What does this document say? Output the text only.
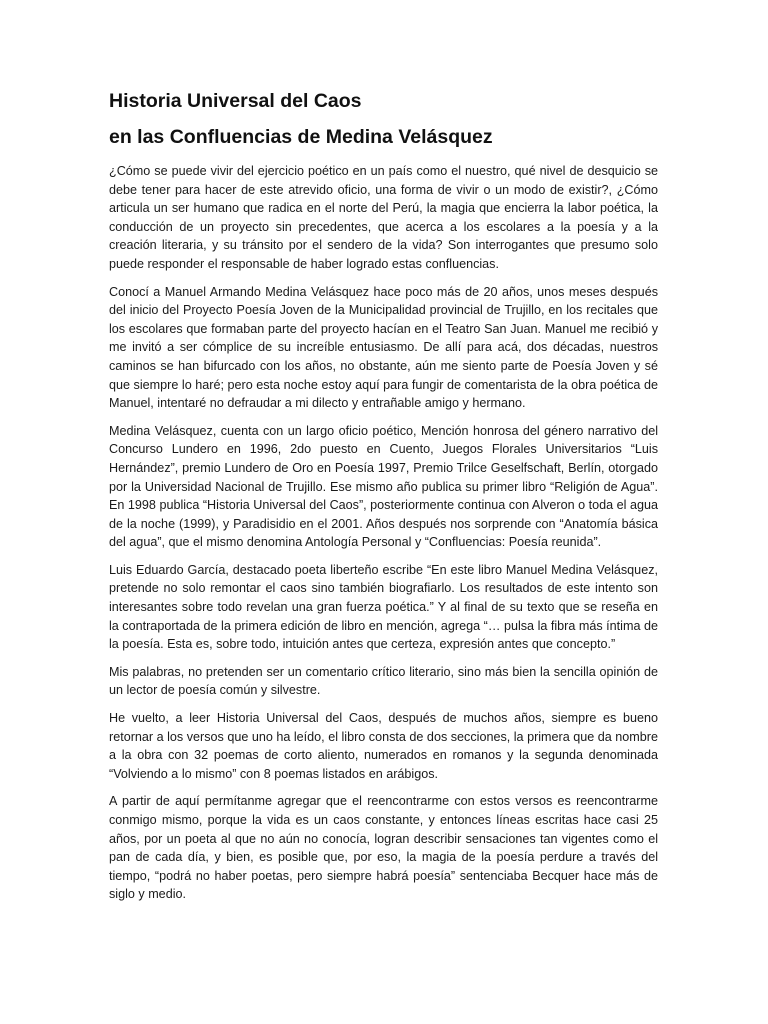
Historia Universal del Caos
en las Confluencias de Medina Velásquez

¿Cómo se puede vivir del ejercicio poético en un país como el nuestro, qué nivel de desquicio se debe tener para hacer de este atrevido oficio, una forma de vivir o un modo de existir?, ¿Cómo articula un ser humano que radica en el norte del Perú, la magia que encierra la labor poética, la conducción de un proyecto sin precedentes, que acerca a los escolares a la poesía y a la creación literaria, y su tránsito por el sendero de la vida? Son interrogantes que presumo solo puede responder el responsable de haber logrado estas confluencias.

Conocí a Manuel Armando Medina Velásquez hace poco más de 20 años, unos meses después del inicio del Proyecto Poesía Joven de la Municipalidad provincial de Trujillo, en los recitales que los escolares que formaban parte del proyecto hacían en el Teatro San Juan. Manuel me recibió y me invitó a ser cómplice de su increíble entusiasmo. De allí para acá, dos décadas, nuestros caminos se han bifurcado con los años, no obstante, aún me siento parte de Poesía Joven y sé que siempre lo haré; pero esta noche estoy aquí para fungir de comentarista de la obra poética de Manuel, intentaré no defraudar a mi dilecto y entrañable amigo y hermano.

Medina Velásquez, cuenta con un largo oficio poético, Mención honrosa del género narrativo del Concurso Lundero en 1996, 2do puesto en Cuento, Juegos Florales Universitarios “Luis Hernández”, premio Lundero de Oro en Poesía 1997, Premio Trilce Geselfschaft, Berlín, otorgado por la Universidad Nacional de Trujillo. Ese mismo año publica su primer libro “Religión de Agua”. En 1998 publica “Historia Universal del Caos”, posteriormente continua con Alveron o toda el agua de la noche (1999), y Paradisidio en el 2001. Años después nos sorprende con “Anatomía básica del agua”, que el mismo denomina Antología Personal y “Confluencias: Poesía reunida”.

Luis Eduardo García, destacado poeta liberteño escribe “En este libro Manuel Medina Velásquez, pretende no solo remontar el caos sino también biografiarlo. Los resultados de este intento son interesantes sobre todo revelan una gran fuerza poética.” Y al final de su texto que se reseña en la contraportada de la primera edición de libro en mención, agrega “… pulsa la fibra más íntima de la poesía. Esta es, sobre todo, intuición antes que certeza, expresión antes que concepto.”

Mis palabras, no pretenden ser un comentario crítico literario, sino más bien la sencilla opinión de un lector de poesía común y silvestre.

He vuelto, a leer Historia Universal del Caos, después de muchos años, siempre es bueno retornar a los versos que uno ha leído, el libro consta de dos secciones, la primera que da nombre a la obra con 32 poemas de corto aliento, numerados en romanos y la segunda denominada “Volviendo a lo mismo” con 8 poemas listados en arábigos.

A partir de aquí permítanme agregar que el reencontrarme con estos versos es reencontrarme conmigo mismo, porque la vida es un caos constante, y entonces líneas escritas hace casi 25 años, por un poeta al que no aún no conocía, logran describir sensaciones tan vigentes como el pan de cada día, y bien, es posible que, por eso, la magia de la poesía perdure a través del tiempo, “podrá no haber poetas, pero siempre habrá poesía” sentenciaba Becquer hace más de siglo y medio.
